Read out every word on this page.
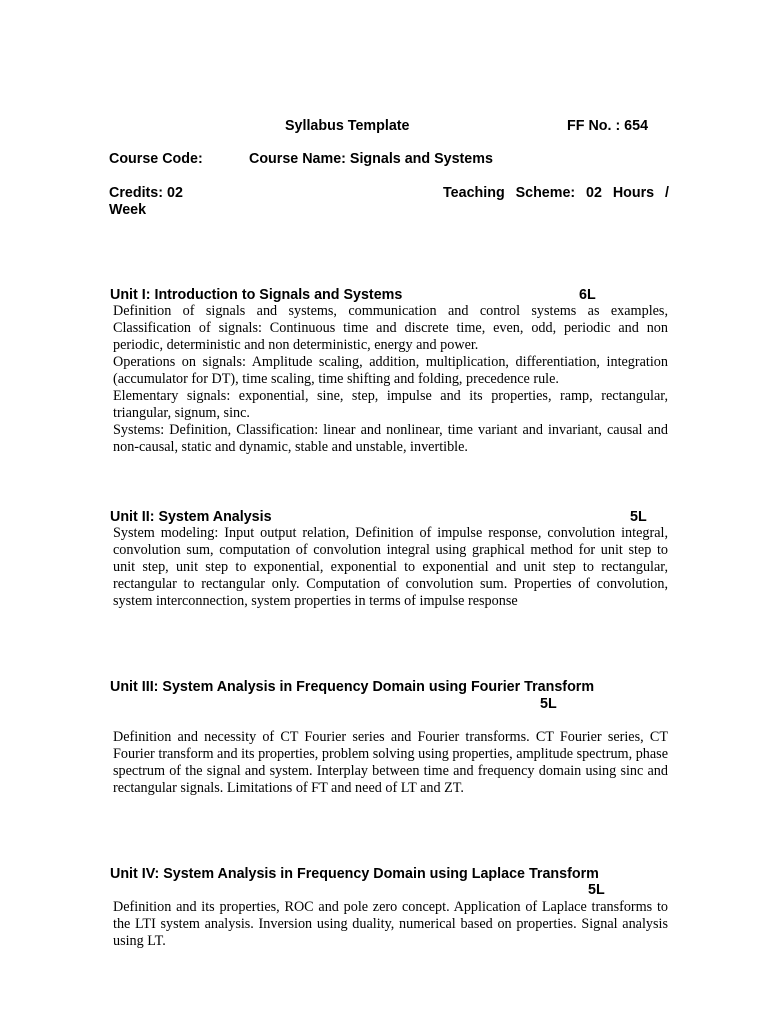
Syllabus Template	FF No. : 654
Course Code:	Course Name: Signals and Systems
Credits: 02	Teaching Scheme: 02 Hours /
Week
Unit I: Introduction to Signals and Systems	6L

Definition of signals and systems, communication and control systems as examples, Classification of signals: Continuous time and discrete time, even, odd, periodic and non periodic, deterministic and non deterministic, energy and power.

Operations on signals: Amplitude scaling, addition, multiplication, differentiation, integration (accumulator for DT), time scaling, time shifting and folding, precedence rule.

Elementary signals: exponential, sine, step, impulse and its properties, ramp, rectangular, triangular, signum, sinc.

Systems: Definition, Classification: linear and nonlinear, time variant and invariant, causal and non-causal, static and dynamic, stable and unstable, invertible.

Unit II: System Analysis	5L

System modeling: Input output relation, Definition of impulse response, convolution integral, convolution sum, computation of convolution integral using graphical method for unit step to unit step, unit step to exponential, exponential to exponential and unit step to rectangular, rectangular to rectangular only. Computation of convolution sum. Properties of convolution, system interconnection, system properties in terms of impulse response

Unit III: System Analysis in Frequency Domain using Fourier Transform
5L

Definition and necessity of CT Fourier series and Fourier transforms. CT Fourier series, CT Fourier transform and its properties, problem solving using properties, amplitude spectrum, phase spectrum of the signal and system. Interplay between time and frequency domain using sinc and rectangular signals. Limitations of FT and need of LT and ZT.

Unit IV: System Analysis in Frequency Domain using Laplace Transform
5L

Definition and its properties, ROC and pole zero concept. Application of Laplace transforms to the LTI system analysis. Inversion using duality, numerical based on properties. Signal analysis using LT.
